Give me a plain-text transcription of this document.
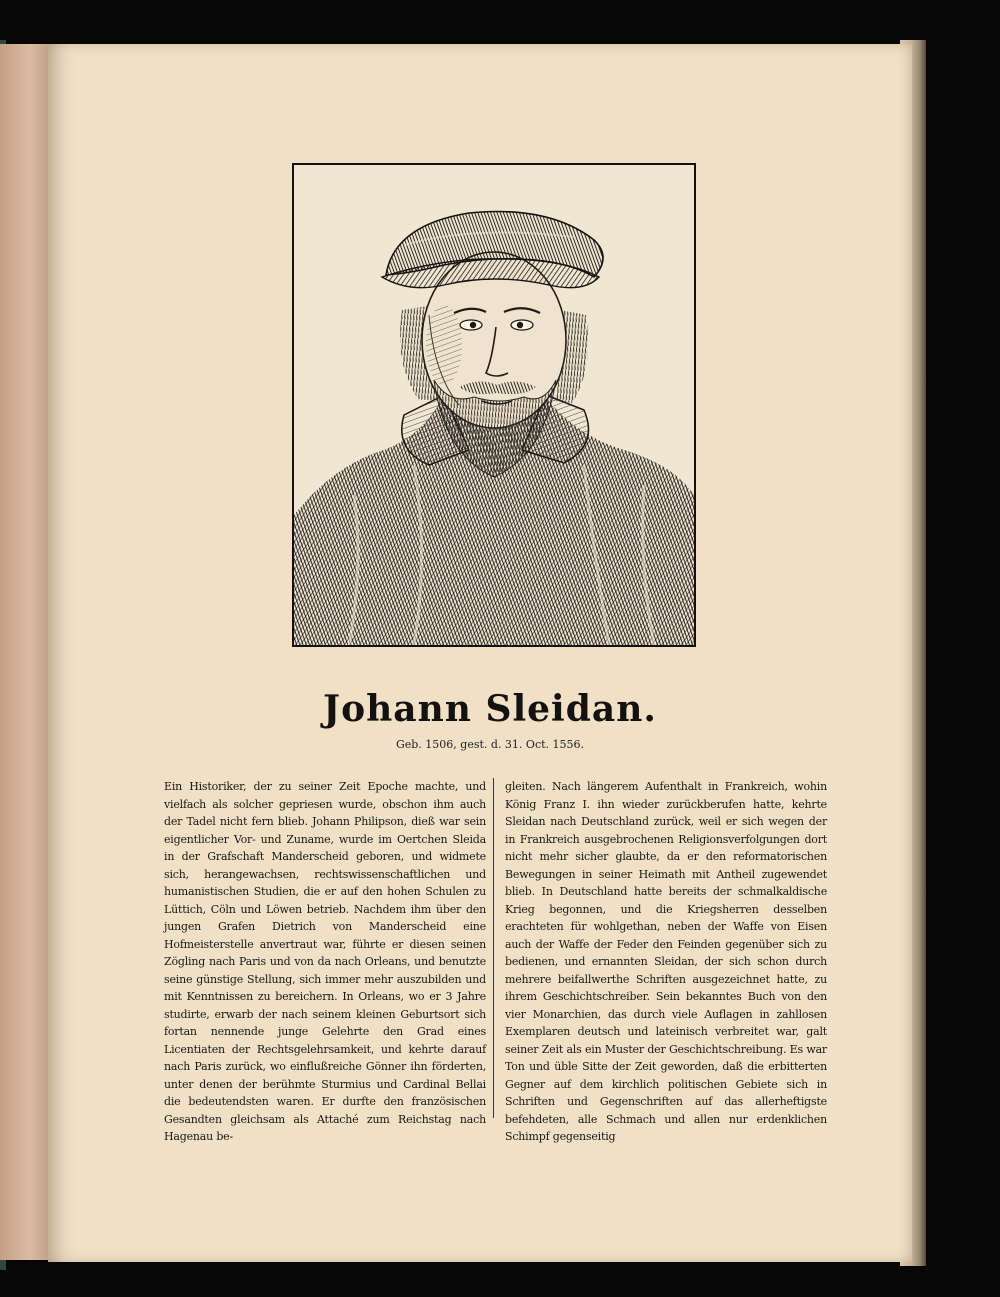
Johann Sleidan.

Geb. 1506, gest. d. 31. Oct. 1556.

Ein Historiker, der zu seiner Zeit Epoche machte, und vielfach als solcher gepriesen wurde, obschon ihm auch der Tadel nicht fern blieb. Johann Philipson, dieß war sein eigentlicher Vor- und Zuname, wurde im Oertchen Sleida in der Grafschaft Manderscheid geboren, und widmete sich, herangewachsen, rechtswissenschaftlichen und humanistischen Studien, die er auf den hohen Schulen zu Lüttich, Cöln und Löwen betrieb. Nachdem ihm über den jungen Grafen Dietrich von Manderscheid eine Hofmeisterstelle anvertraut war, führte er diesen seinen Zögling nach Paris und von da nach Orleans, und benutzte seine günstige Stellung, sich immer mehr auszubilden und mit Kenntnissen zu bereichern. In Orleans, wo er 3 Jahre studirte, erwarb der nach seinem kleinen Geburtsort sich fortan nennende junge Gelehrte den Grad eines Licentiaten der Rechtsgelehrsamkeit, und kehrte darauf nach Paris zurück, wo einflußreiche Gönner ihn förderten, unter denen der berühmte Sturmius und Cardinal Bellai die bedeutendsten waren. Er durfte den französischen Gesandten gleichsam als Attaché zum Reichstag nach Hagenau be-

gleiten. Nach längerem Aufenthalt in Frankreich, wohin König Franz I. ihn wieder zurückberufen hatte, kehrte Sleidan nach Deutschland zurück, weil er sich wegen der in Frankreich ausgebrochenen Religionsverfolgungen dort nicht mehr sicher glaubte, da er den reformatorischen Bewegungen in seiner Heimath mit Antheil zugewendet blieb. In Deutschland hatte bereits der schmalkaldische Krieg begonnen, und die Kriegsherren desselben erachteten für wohlgethan, neben der Waffe von Eisen auch der Waffe der Feder den Feinden gegenüber sich zu bedienen, und ernannten Sleidan, der sich schon durch mehrere beifallwerthe Schriften ausgezeichnet hatte, zu ihrem Geschichtschreiber. Sein bekanntes Buch von den vier Monarchien, das durch viele Auflagen in zahllosen Exemplaren deutsch und lateinisch verbreitet war, galt seiner Zeit als ein Muster der Geschichtschreibung. Es war Ton und üble Sitte der Zeit geworden, daß die erbitterten Gegner auf dem kirchlich politischen Gebiete sich in Schriften und Gegenschriften auf das allerheftigste befehdeten, alle Schmach und allen nur erdenklichen Schimpf gegenseitig
